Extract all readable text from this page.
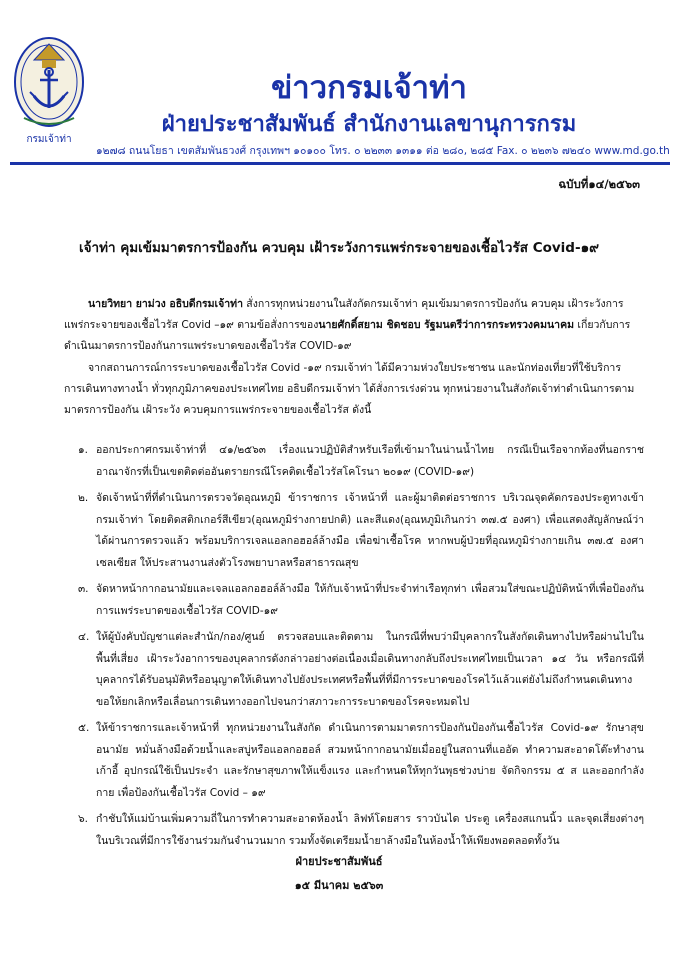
กรมเจ้าท่า
ข่าวกรมเจ้าท่า
ฝ่ายประชาสัมพันธ์ สำนักงานเลขานุการกรม
๑๒๗๘ ถนนโยธา เขตสัมพันธวงศ์ กรุงเทพฯ ๑๐๑๐๐ โทร. ๐ ๒๒๓๓ ๑๓๑๑ ต่อ ๒๘๐, ๒๘๕ Fax. ๐ ๒๒๓๖ ๗๒๔๐ www.md.go.th
ฉบับที่๑๔/๒๕๖๓
เจ้าท่า คุมเข้มมาตรการป้องกัน ควบคุม เฝ้าระวังการแพร่กระจายของเชื้อไวรัส Covid-๑๙
นายวิทยา ยาม่วง อธิบดีกรมเจ้าท่า สั่งการทุกหน่วยงานในสังกัดกรมเจ้าท่า คุมเข้มมาตรการป้องกัน ควบคุม เฝ้าระวังการแพร่กระจายของเชื้อไวรัส Covid –๑๙ ตามข้อสั่งการของนายศักดิ์สยาม ชิดชอบ รัฐมนตรีว่าการกระทรวงคมนาคม เกี่ยวกับการดำเนินมาตรการป้องกันการแพร่ระบาดของเชื้อไวรัส COVID-๑๙
จากสถานการณ์การระบาดของเชื้อไวรัส Covid -๑๙ กรมเจ้าท่า ได้มีความห่วงใยประชาชน และนักท่องเที่ยวที่ใช้บริการการเดินทางทางน้ำ ทั่วทุกภูมิภาคของประเทศไทย อธิบดีกรมเจ้าท่า ได้สั่งการเร่งด่วน ทุกหน่วยงานในสังกัดเจ้าท่าดำเนินการตามมาตรการป้องกัน เฝ้าระวัง ควบคุมการแพร่กระจายของเชื้อไวรัส ดังนี้
๑. ออกประกาศกรมเจ้าท่าที่ ๔๑/๒๕๖๓ เรื่องแนวปฏิบัติสำหรับเรือที่เข้ามาในน่านน้ำไทย กรณีเป็นเรือจากท้องที่นอกราชอาณาจักรที่เป็นเขตติดต่ออันตรายกรณีโรคติดเชื้อไวรัสโคโรนา ๒๐๑๙ (COVID-๑๙)
๒. จัดเจ้าหน้าที่ที่ดำเนินการตรวจวัดอุณหภูมิ ข้าราชการ เจ้าหน้าที่ และผู้มาติดต่อราชการ บริเวณจุดคัดกรองประตูทางเข้ากรมเจ้าท่า โดยติดสติกเกอร์สีเขียว(อุณหภูมิร่างกายปกติ) และสีแดง(อุณหภูมิเกินกว่า ๓๗.๕ องศา) เพื่อแสดงสัญลักษณ์ว่าได้ผ่านการตรวจแล้ว พร้อมบริการเจลแอลกอฮอล์ล้างมือ เพื่อฆ่าเชื้อโรค หากพบผู้ป่วยที่อุณหภูมิร่างกายเกิน ๓๗.๕ องศาเซลเซียส ให้ประสานงานส่งตัวโรงพยาบาลหรือสาธารณสุข
๓. จัดหาหน้ากากอนามัยและเจลแอลกอฮอล์ล้างมือ ให้กับเจ้าหน้าที่ประจำท่าเรือทุกท่า เพื่อสวมใส่ขณะปฏิบัติหน้าที่เพื่อป้องกันการแพร่ระบาดของเชื้อไวรัส COVID-๑๙
๔. ให้ผู้บังคับบัญชาแต่ละสำนัก/กอง/ศูนย์ ตรวจสอบและติดตาม ในกรณีที่พบว่ามีบุคลากรในสังกัดเดินทางไปหรือผ่านไปในพื้นที่เสี่ยง เฝ้าระวังอาการของบุคลากรดังกล่าวอย่างต่อเนื่องเมื่อเดินทางกลับถึงประเทศไทยเป็นเวลา ๑๔ วัน หรือกรณีที่บุคลากรได้รับอนุมัติหรืออนุญาตให้เดินทางไปยังประเทศหรือพื้นที่ที่มีการระบาดของโรคไว้แล้วแต่ยังไม่ถึงกำหนดเดินทาง ขอให้ยกเลิกหรือเลื่อนการเดินทางออกไปจนกว่าสภาวะการระบาดของโรคจะหมดไป
๕. ให้ข้าราชการและเจ้าหน้าที่ ทุกหน่วยงานในสังกัด ดำเนินการตามมาตรการป้องกันป้องกันเชื้อไวรัส Covid-๑๙ รักษาสุขอนามัย หมั่นล้างมือด้วยน้ำและสบู่หรือแอลกอฮอล์ สวมหน้ากากอนามัยเมื่ออยู่ในสถานที่แออัด ทำความสะอาดโต๊ะทำงาน เก้าอี้ อุปกรณ์ใช้เป็นประจำ และรักษาสุขภาพให้แข็งแรง และกำหนดให้ทุกวันพุธช่วงบ่าย จัดกิจกรรม ๕ ส และออกกำลังกาย เพื่อป้องกันเชื้อไวรัส Covid – ๑๙
๖. กำชับให้แม่บ้านเพิ่มความถี่ในการทำความสะอาดห้องน้ำ ลิฟท์โดยสาร ราวบันได ประตู เครื่องสแกนนิ้ว และจุดเสี่ยงต่างๆ ในบริเวณที่มีการใช้งานร่วมกันจำนวนมาก รวมทั้งจัดเตรียมน้ำยาล้างมือในห้องน้ำให้เพียงพอตลอดทั้งวัน
ฝ่ายประชาสัมพันธ์
๑๕ มีนาคม ๒๕๖๓
